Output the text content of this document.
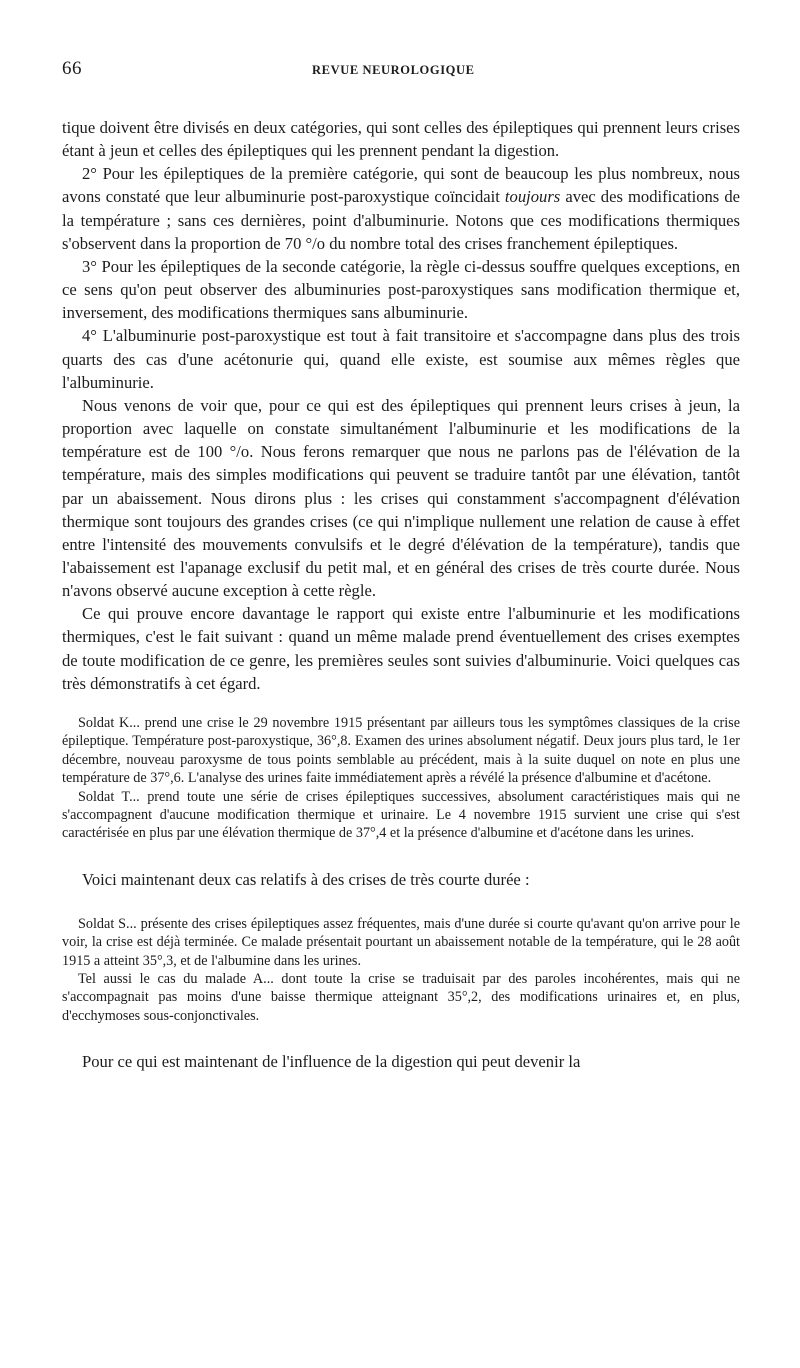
66	REVUE NEUROLOGIQUE

tique doivent être divisés en deux catégories, qui sont celles des épileptiques qui prennent leurs crises étant à jeun et celles des épileptiques qui les prennent pendant la digestion.

2° Pour les épileptiques de la première catégorie, qui sont de beaucoup les plus nombreux, nous avons constaté que leur albuminurie post-paroxystique coïncidait toujours avec des modifications de la température ; sans ces dernières, point d'albuminurie. Notons que ces modifications thermiques s'observent dans la proportion de 70 °/o du nombre total des crises franchement épileptiques.

3° Pour les épileptiques de la seconde catégorie, la règle ci-dessus souffre quelques exceptions, en ce sens qu'on peut observer des albuminuries post-paroxystiques sans modification thermique et, inversement, des modifications thermiques sans albuminurie.

4° L'albuminurie post-paroxystique est tout à fait transitoire et s'accompagne dans plus des trois quarts des cas d'une acétonurie qui, quand elle existe, est soumise aux mêmes règles que l'albuminurie.

Nous venons de voir que, pour ce qui est des épileptiques qui prennent leurs crises à jeun, la proportion avec laquelle on constate simultanément l'albuminurie et les modifications de la température est de 100 °/o. Nous ferons remarquer que nous ne parlons pas de l'élévation de la température, mais des simples modifications qui peuvent se traduire tantôt par une élévation, tantôt par un abaissement. Nous dirons plus : les crises qui constamment s'accompagnent d'élévation thermique sont toujours des grandes crises (ce qui n'implique nullement une relation de cause à effet entre l'intensité des mouvements convulsifs et le degré d'élévation de la température), tandis que l'abaissement est l'apanage exclusif du petit mal, et en général des crises de très courte durée. Nous n'avons observé aucune exception à cette règle.

Ce qui prouve encore davantage le rapport qui existe entre l'albuminurie et les modifications thermiques, c'est le fait suivant : quand un même malade prend éventuellement des crises exemptes de toute modification de ce genre, les premières seules sont suivies d'albuminurie. Voici quelques cas très démonstratifs à cet égard.

Soldat K... prend une crise le 29 novembre 1915 présentant par ailleurs tous les symptômes classiques de la crise épileptique. Température post-paroxystique, 36°,8. Examen des urines absolument négatif. Deux jours plus tard, le 1er décembre, nouveau paroxysme de tous points semblable au précédent, mais à la suite duquel on note en plus une température de 37°,6. L'analyse des urines faite immédiatement après a révélé la présence d'albumine et d'acétone.

Soldat T... prend toute une série de crises épileptiques successives, absolument caractéristiques mais qui ne s'accompagnent d'aucune modification thermique et urinaire. Le 4 novembre 1915 survient une crise qui s'est caractérisée en plus par une élévation thermique de 37°,4 et la présence d'albumine et d'acétone dans les urines.

Voici maintenant deux cas relatifs à des crises de très courte durée :

Soldat S... présente des crises épileptiques assez fréquentes, mais d'une durée si courte qu'avant qu'on arrive pour le voir, la crise est déjà terminée. Ce malade présentait pourtant un abaissement notable de la température, qui le 28 août 1915 a atteint 35°,3, et de l'albumine dans les urines.

Tel aussi le cas du malade A... dont toute la crise se traduisait par des paroles incohérentes, mais qui ne s'accompagnait pas moins d'une baisse thermique atteignant 35°,2, des modifications urinaires et, en plus, d'ecchymoses sous-conjonctivales.

Pour ce qui est maintenant de l'influence de la digestion qui peut devenir la
